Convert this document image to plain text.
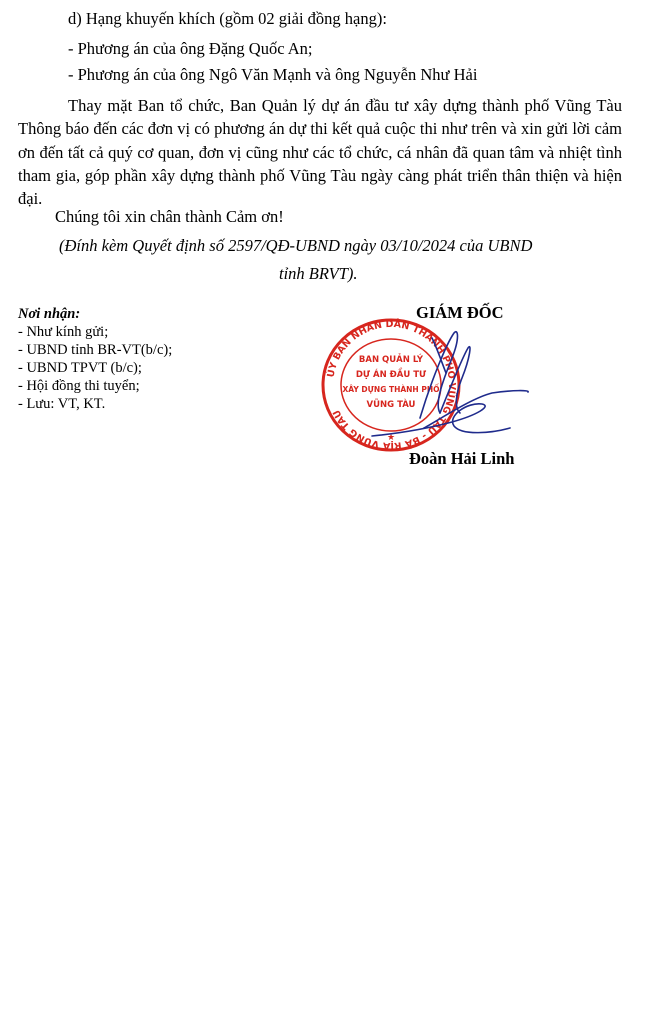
d) Hạng khuyến khích (gồm 02 giải đồng hạng):
- Phương án của ông Đặng Quốc An;
- Phương án của ông Ngô Văn Mạnh và ông Nguyễn Như Hải
Thay mặt Ban tổ chức, Ban Quản lý dự án đầu tư xây dựng thành phố Vũng Tàu Thông báo đến các đơn vị có phương án dự thi kết quả cuộc thi như trên và xin gửi lời cảm ơn đến tất cả quý cơ quan, đơn vị cũng như các tổ chức, cá nhân đã quan tâm và nhiệt tình tham gia, góp phần xây dựng thành phố Vũng Tàu ngày càng phát triển thân thiện và hiện đại.
Chúng tôi xin chân thành Cảm ơn!
(Đính kèm Quyết định số 2597/QĐ-UBND ngày 03/10/2024 của UBND
tỉnh BRVT).
Nơi nhận:
- Như kính gửi;
- UBND tỉnh BR-VT(b/c);
- UBND TPVT (b/c);
- Hội đồng thi tuyển;
- Lưu: VT, KT.
GIÁM ĐỐC
ỦY BAN NHÂN DÂN THÀNH PHỐ VŨNG TÀU - BÀ RỊA VŨNG TÀU
BAN QUẢN LÝ
DỰ ÁN ĐẦU TƯ
XÂY DỰNG THÀNH PHỐ
VŨNG TÀU
★
Đoàn Hải Linh
